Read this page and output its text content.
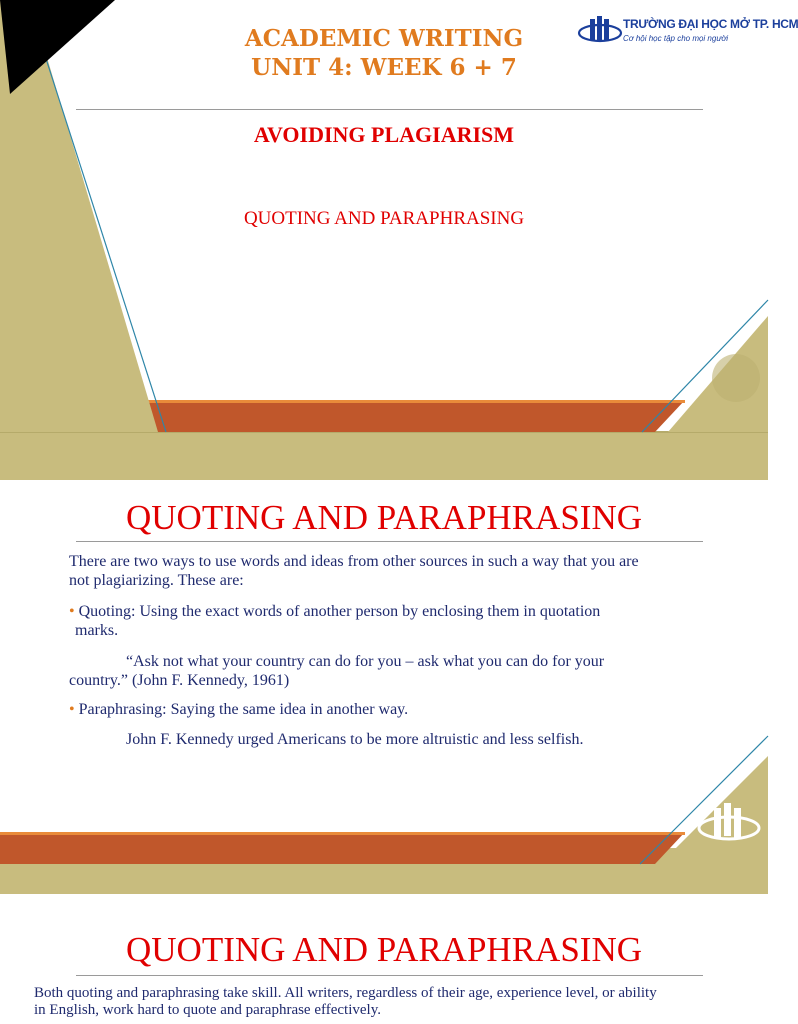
ACADEMIC WRITING
UNIT 4: WEEK 6 + 7
AVOIDING PLAGIARISM
QUOTING AND PARAPHRASING
TRƯỜNG ĐẠI HỌC MỞ TP. HCM
Cơ hội học tập cho mọi người
QUOTING AND PARAPHRASING
There are two ways to use words and ideas from other sources in such a way that you are
not plagiarizing. These are:
• Quoting: Using the exact words of another person by enclosing them in quotation
marks.
“Ask not what your country can do for you – ask what you can do for your
country.” (John F. Kennedy, 1961)
• Paraphrasing: Saying the same idea in another way.
John F. Kennedy urged Americans to be more altruistic and less selfish.
QUOTING AND PARAPHRASING
Both quoting and paraphrasing take skill. All writers, regardless of their age, experience level, or ability
in English, work hard to quote and paraphrase effectively.
